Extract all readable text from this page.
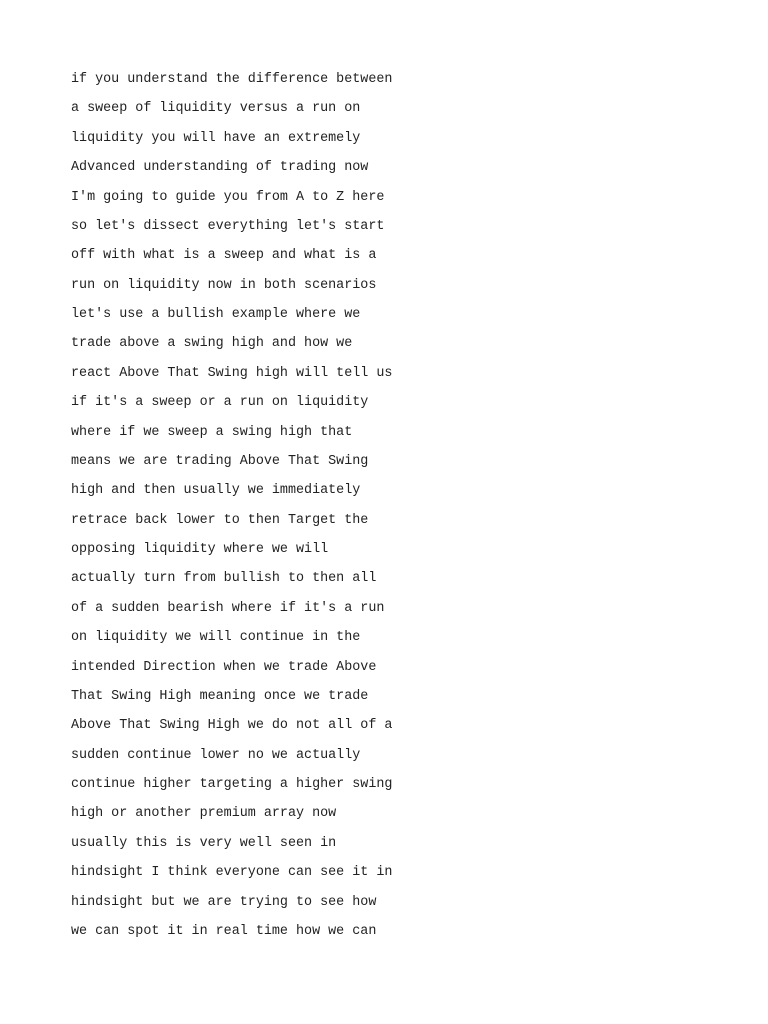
if you understand the difference between
a sweep of liquidity versus a run on
liquidity you will have an extremely
Advanced understanding of trading now
I'm going to guide you from A to Z here
so let's dissect everything let's start
off with what is a sweep and what is a
run on liquidity now in both scenarios
let's use a bullish example where we
trade above a swing high and how we
react Above That Swing high will tell us
if it's a sweep or a run on liquidity
where if we sweep a swing high that
means we are trading Above That Swing
high and then usually we immediately
retrace back lower to then Target the
opposing liquidity where we will
actually turn from bullish to then all
of a sudden bearish where if it's a run
on liquidity we will continue in the
intended Direction when we trade Above
That Swing High meaning once we trade
Above That Swing High we do not all of a
sudden continue lower no we actually
continue higher targeting a higher swing
high or another premium array now
usually this is very well seen in
hindsight I think everyone can see it in
hindsight but we are trying to see how
we can spot it in real time how we can
